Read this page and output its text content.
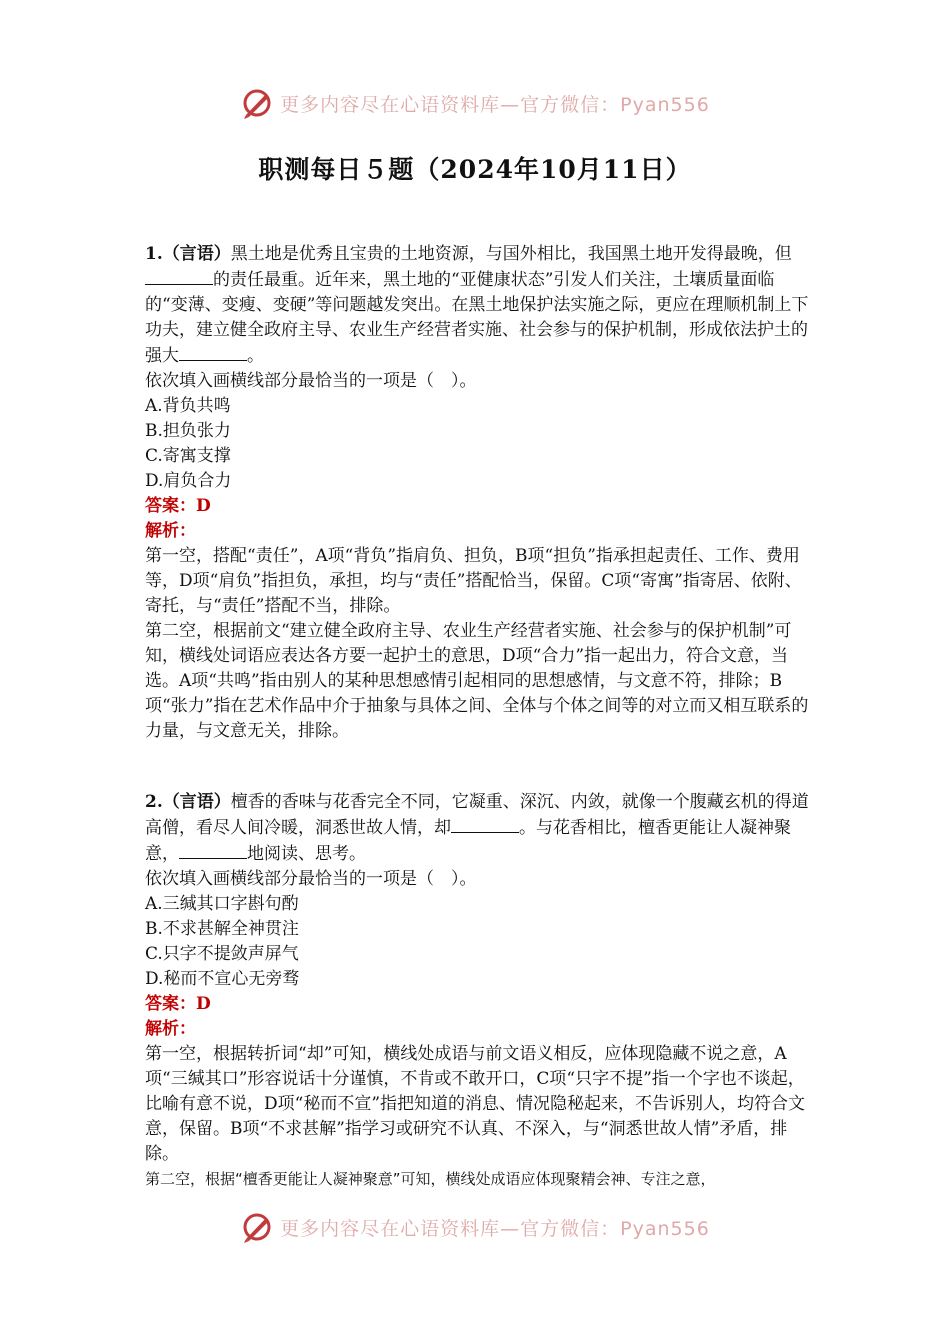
更多内容尽在心语资料库—官方微信：Pyan556
职测每日５题（2024年10月11日）

1.（言语）黑土地是优秀且宝贵的土地资源，与国外相比，我国黑土地开发得最晚，但的责任最重。近年来，黑土地的“亚健康状态”引发人们关注，土壤质量面临的“变薄、变瘦、变硬”等问题越发突出。在黑土地保护法实施之际，更应在理顺机制上下功夫，建立健全政府主导、农业生产经营者实施、社会参与的保护机制，形成依法护土的强大	。

依次填入画横线部分最恰当的一项是（　）。

A.背负共鸣

B.担负张力

C.寄寓支撑

D.肩负合力

答案：D

解析：

第一空，搭配“责任”，A项“背负”指肩负、担负，B项“担负”指承担起责任、工作、费用等，D项“肩负”指担负，承担，均与“责任”搭配恰当，保留。C项“寄寓”指寄居、依附、寄托，与“责任”搭配不当，排除。

第二空，根据前文“建立健全政府主导、农业生产经营者实施、社会参与的保护机制”可知，横线处词语应表达各方要一起护土的意思，D项“合力”指一起出力，符合文意，当选。A项“共鸣”指由别人的某种思想感情引起相同的思想感情，与文意不符，排除；B项“张力”指在艺术作品中介于抽象与具体之间、全体与个体之间等的对立而又相互联系的力量，与文意无关，排除。

2.（言语）檀香的香味与花香完全不同，它凝重、深沉、内敛，就像一个腹藏玄机的得道高僧，看尽人间冷暖，洞悉世故人情，却	。与花香相比，檀香更能让人凝神聚意，	地阅读、思考。

依次填入画横线部分最恰当的一项是（　）。

A.三缄其口字斟句酌

B.不求甚解全神贯注

C.只字不提敛声屏气

D.秘而不宣心无旁骛

答案：D

解析：

第一空，根据转折词“却”可知，横线处成语与前文语义相反，应体现隐藏不说之意，A项“三缄其口”形容说话十分谨慎，不肯或不敢开口，C项“只字不提”指一个字也不谈起，比喻有意不说，D项“秘而不宣”指把知道的消息、情况隐秘起来，不告诉别人，均符合文意，保留。B项“不求甚解”指学习或研究不认真、不深入，与“洞悉世故人情”矛盾，排除。

第二空，根据“檀香更能让人凝神聚意”可知，横线处成语应体现聚精会神、专注之意，

更多内容尽在心语资料库—官方微信：Pyan556
